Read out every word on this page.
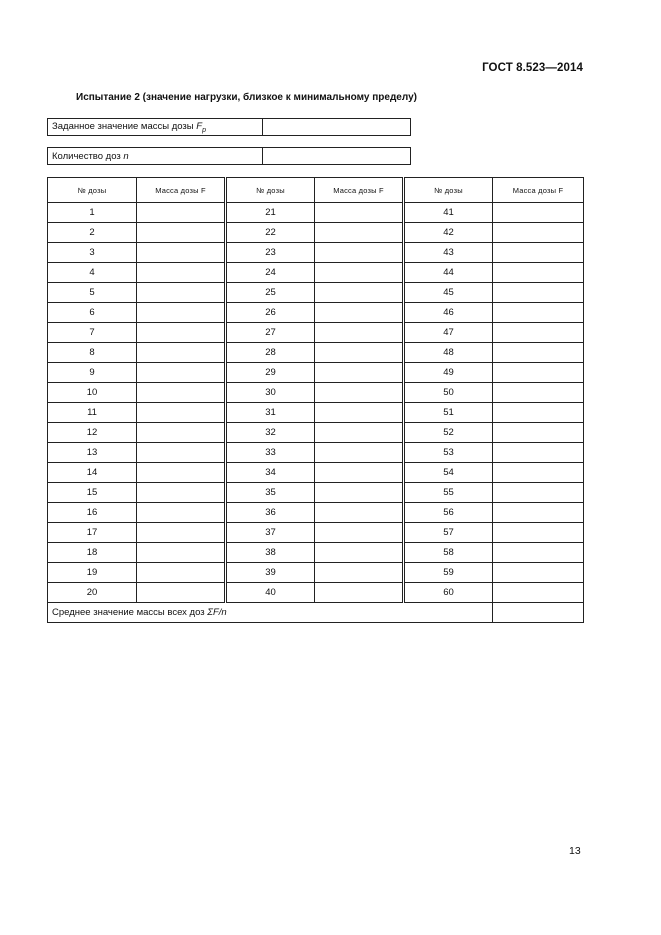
ГОСТ 8.523—2014
Испытание 2 (значение нагрузки, близкое к минимальному пределу)
Заданное значение массы дозы $F_p$	
Количество доз n	
№ дозы	Масса дозы F	№ дозы	Масса дозы F	№ дозы	Масса дозы F
1		21		41	
2		22		42	
3		23		43	
4		24		44	
5		25		45	
6		26		46	
7		27		47	
8		28		48	
9		29		49	
10		30		50	
11		31		51	
12		32		52	
13		33		53	
14		34		54	
15		35		55	
16		36		56	
17		37		57	
18		38		58	
19		39		59	
20		40		60	
Среднее значение массы всех доз ΣF/n					
13
